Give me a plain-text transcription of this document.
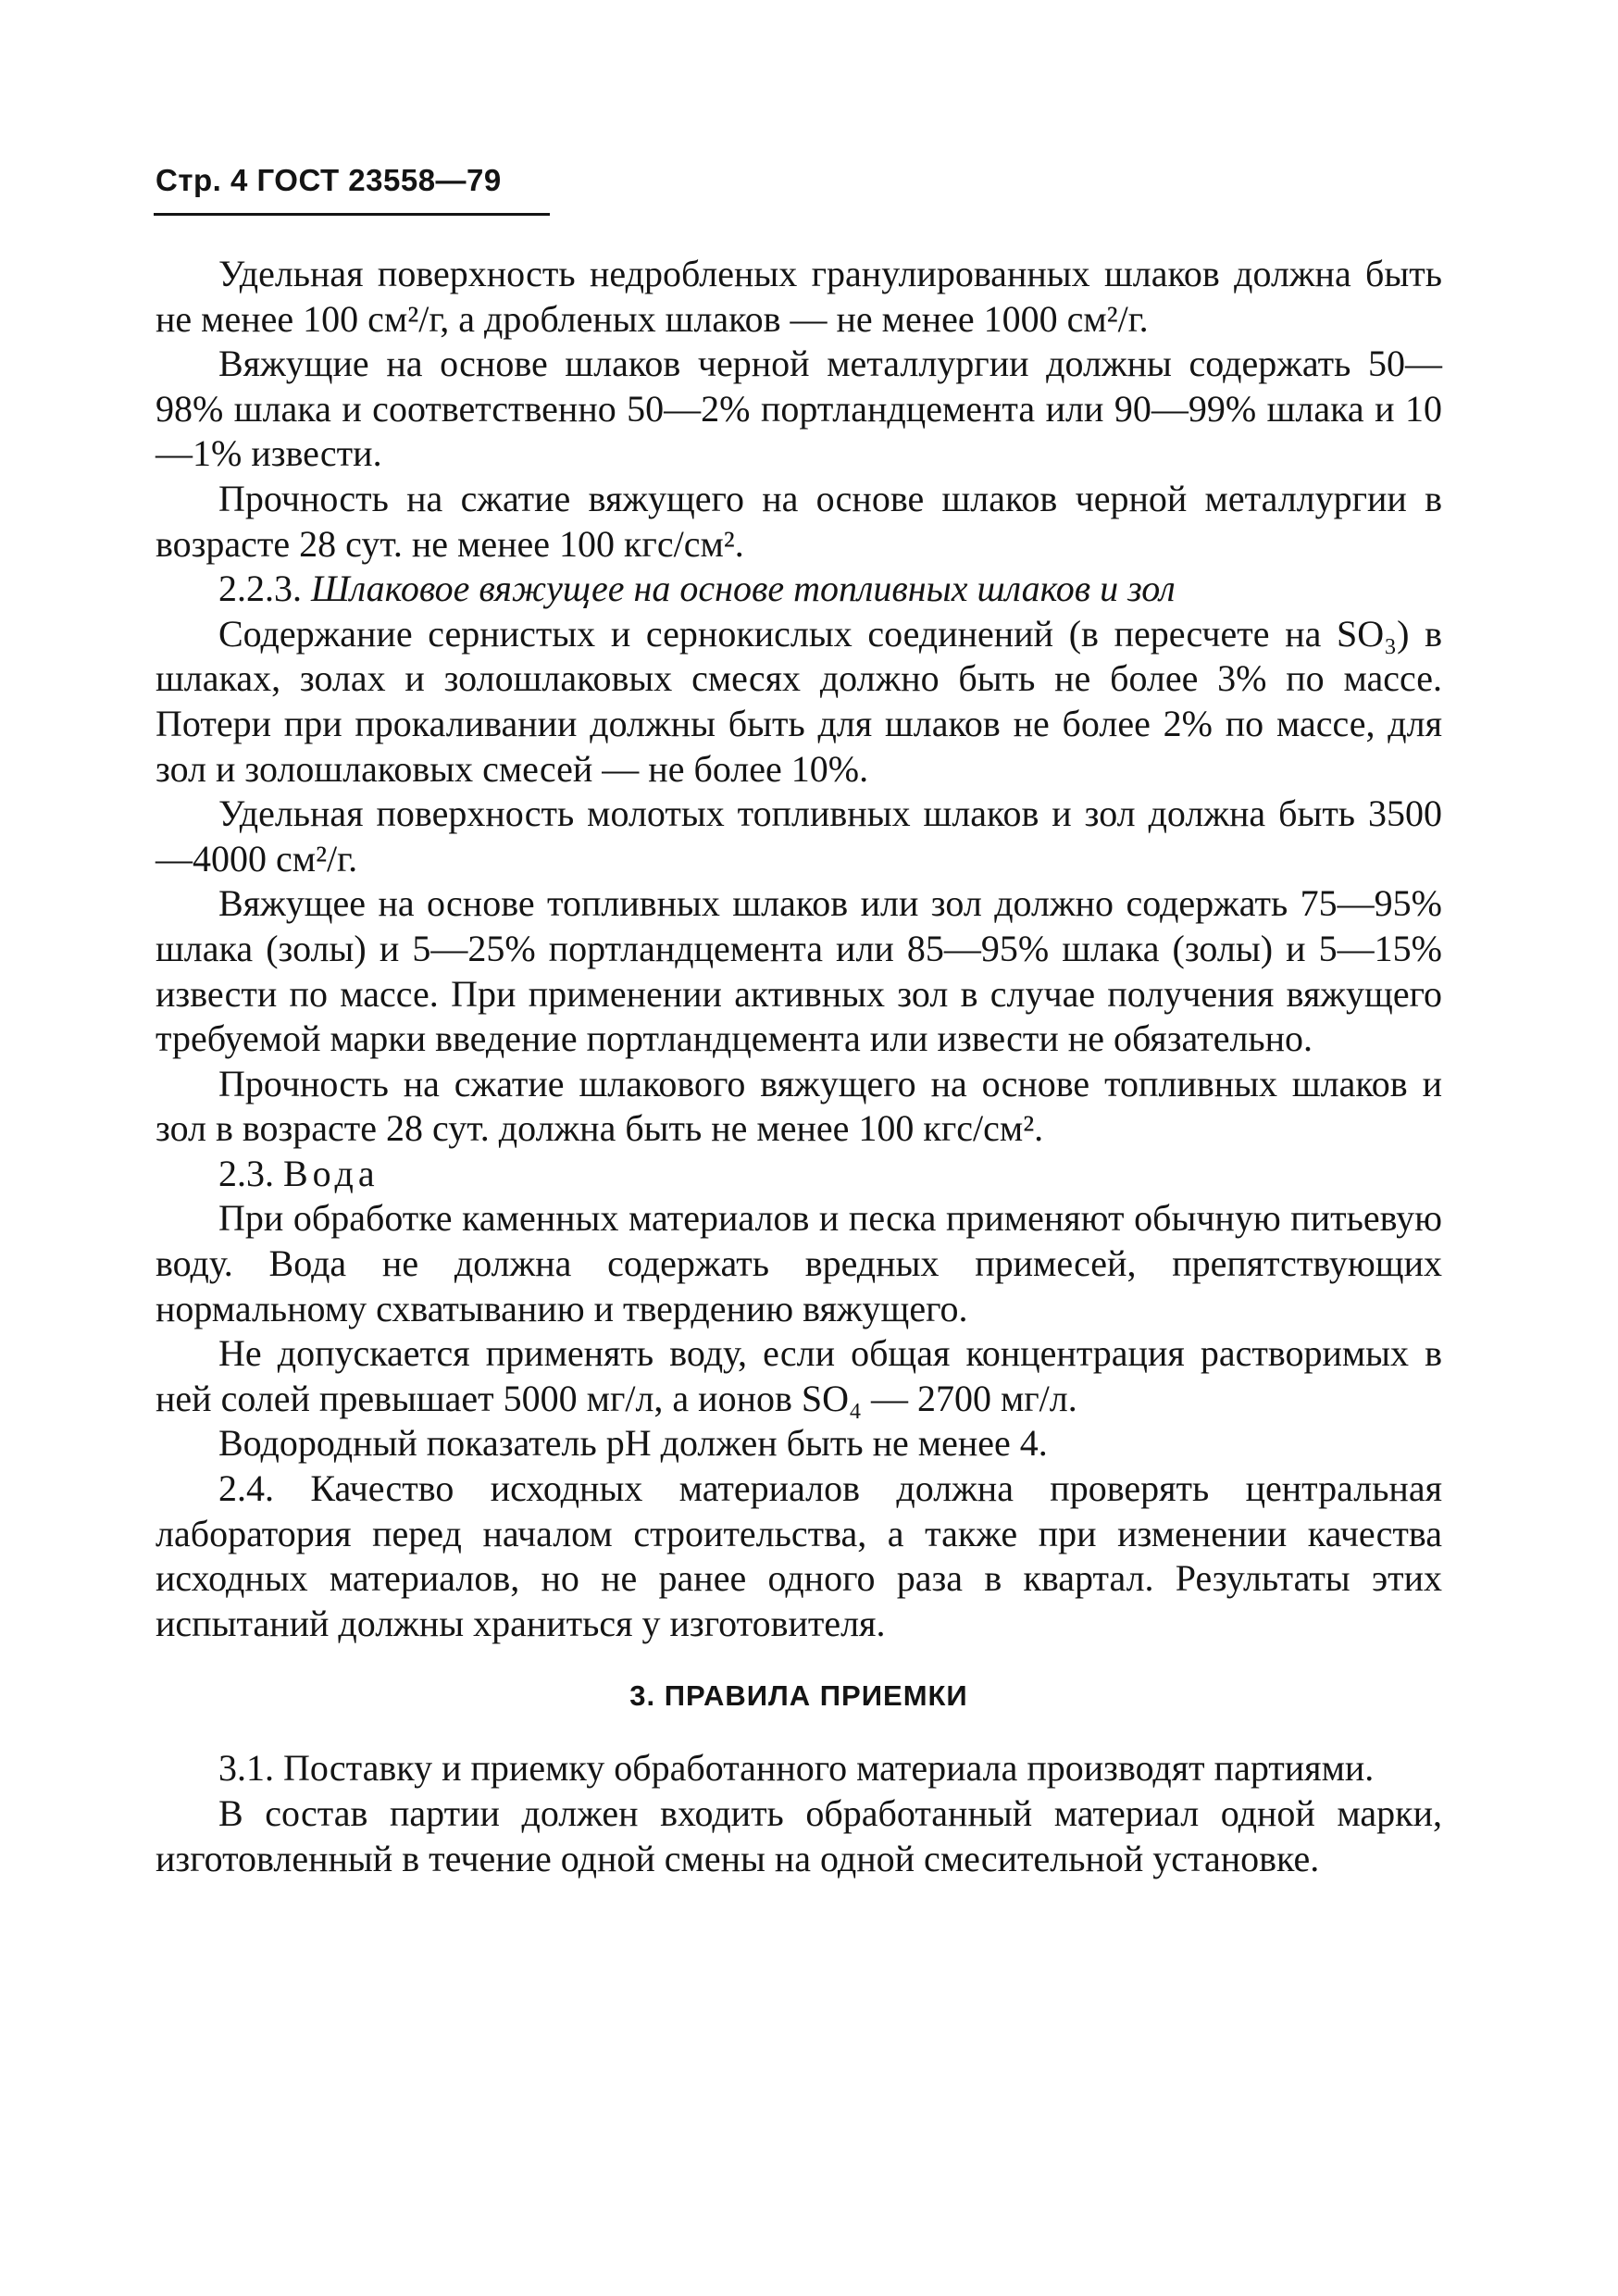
Стр. 4 ГОСТ 23558—79

Удельная поверхность недробленых гранулированных шлаков должна быть не менее 100 см²/г, а дробленых шлаков — не менее 1000 см²/г.

Вяжущие на основе шлаков черной металлургии должны содержать 50—98% шлака и соответственно 50—2% портландцемента или 90—99% шлака и 10—1% извести.

Прочность на сжатие вяжущего на основе шлаков черной металлургии в возрасте 28 сут. не менее 100 кгс/см².

2.2.3. Шлаковое вяжущее на основе топливных шлаков и зол

Содержание сернистых и сернокислых соединений (в пересчете на SO₃) в шлаках, золах и золошлаковых смесях должно быть не более 3% по массе. Потери при прокаливании должны быть для шлаков не более 2% по массе, для зол и золошлаковых смесей — не более 10%.

Удельная поверхность молотых топливных шлаков и зол должна быть 3500—4000 см²/г.

Вяжущее на основе топливных шлаков или зол должно содержать 75—95% шлака (золы) и 5—25% портландцемента или 85—95% шлака (золы) и 5—15% извести по массе. При применении активных зол в случае получения вяжущего требуемой марки введение портландцемента или извести не обязательно.

Прочность на сжатие шлакового вяжущего на основе топливных шлаков и зол в возрасте 28 сут. должна быть не менее 100 кгс/см².

2.3. Вода

При обработке каменных материалов и песка применяют обычную питьевую воду. Вода не должна содержать вредных примесей, препятствующих нормальному схватыванию и твердению вяжущего.

Не допускается применять воду, если общая концентрация растворимых в ней солей превышает 5000 мг/л, а ионов SO₄ — 2700 мг/л.

Водородный показатель pH должен быть не менее 4.

2.4. Качество исходных материалов должна проверять центральная лаборатория перед началом строительства, а также при изменении качества исходных материалов, но не ранее одного раза в квартал. Результаты этих испытаний должны храниться у изготовителя.

3. ПРАВИЛА ПРИЕМКИ

3.1. Поставку и приемку обработанного материала производят партиями.

В состав партии должен входить обработанный материал одной марки, изготовленный в течение одной смены на одной смесительной установке.
